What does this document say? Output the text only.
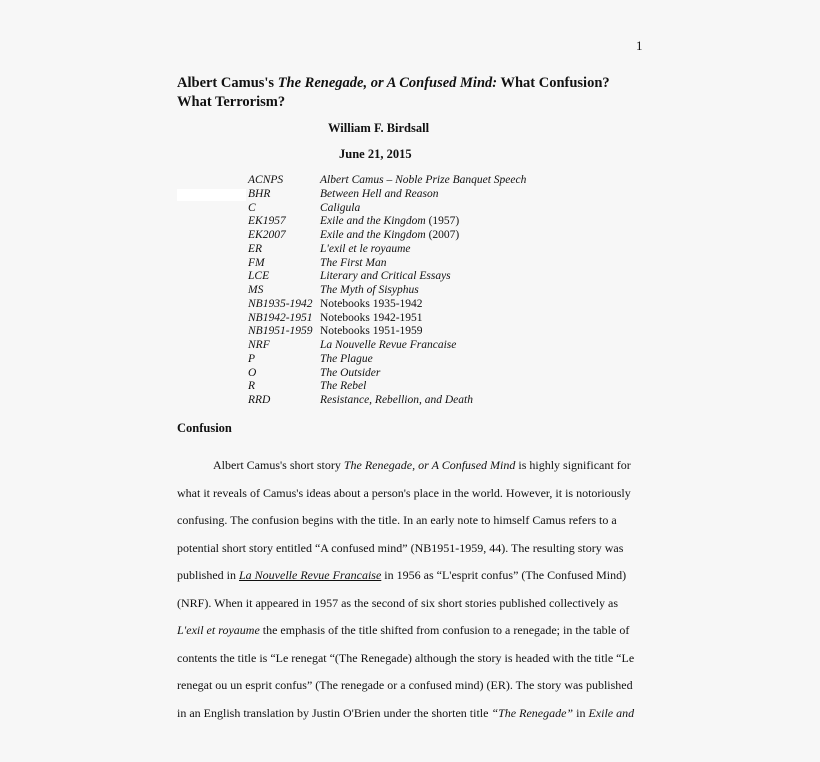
1
Albert Camus's The Renegade, or A Confused Mind: What Confusion? What Terrorism?
William F. Birdsall
June 21, 2015
ACNPS	Albert Camus – Noble Prize Banquet Speech
BHR	Between Hell and Reason
C	Caligula
EK1957	Exile and the Kingdom (1957)
EK2007	Exile and the Kingdom (2007)
ER	L'exil et le royaume
FM	The First Man
LCE	Literary and Critical Essays
MS	The Myth of Sisyphus
NB1935-1942 Notebooks 1935-1942
NB1942-1951 Notebooks 1942-1951
NB1951-1959 Notebooks 1951-1959
NRF	La Nouvelle Revue Francaise
P	The Plague
O	The Outsider
R	The Rebel
RRD	Resistance, Rebellion, and Death
Confusion
Albert Camus's short story The Renegade, or A Confused Mind is highly significant for
what it reveals of Camus's ideas about a person's place in the world. However, it is notoriously
confusing. The confusion begins with the title. In an early note to himself Camus refers to a
potential short story entitled “A confused mind” (NB1951-1959, 44). The resulting story was
published in La Nouvelle Revue Francaise in 1956 as “L'esprit confus” (The Confused Mind)
(NRF). When it appeared in 1957 as the second of six short stories published collectively as
L'exil et royaume the emphasis of the title shifted from confusion to a renegade; in the table of
contents the title is “Le renegat “(The Renegade) although the story is headed with the title “Le
renegat ou un esprit confus” (The renegade or a confused mind) (ER). The story was published
in an English translation by Justin O'Brien under the shorten title “The Renegade” in Exile and
